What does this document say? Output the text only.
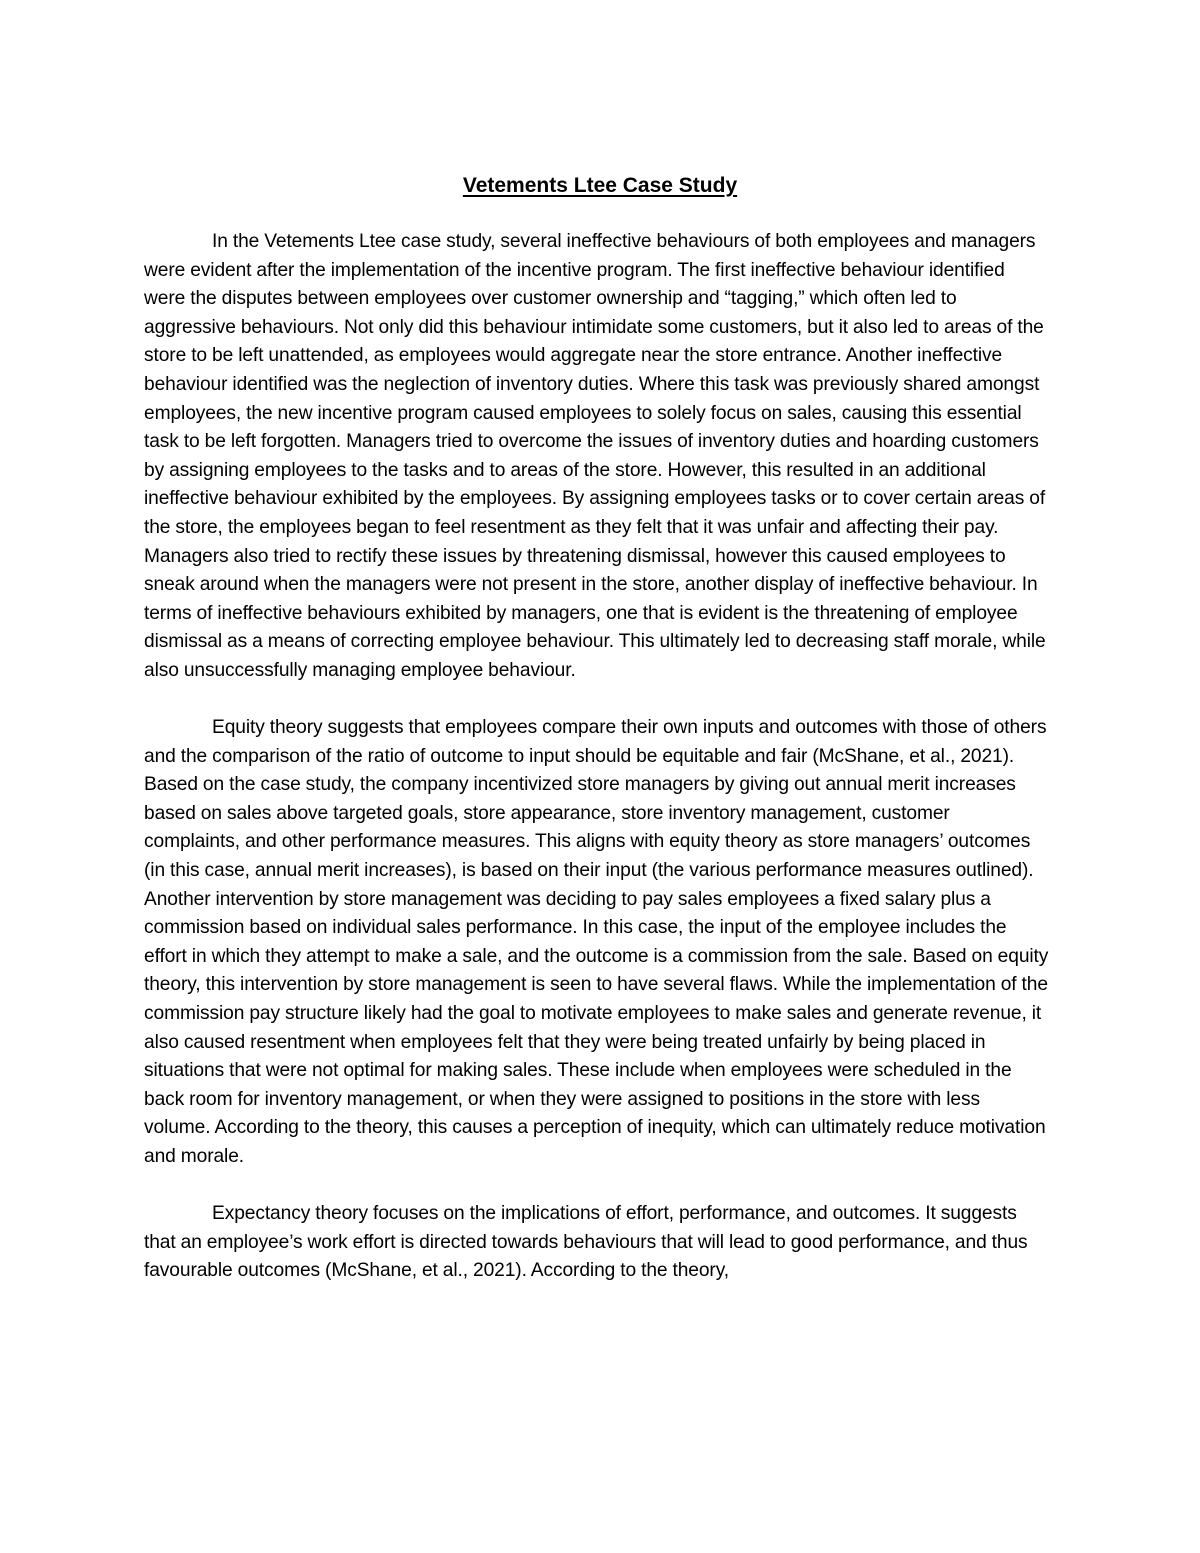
Vetements Ltee Case Study

In the Vetements Ltee case study, several ineffective behaviours of both employees and managers were evident after the implementation of the incentive program. The first ineffective behaviour identified were the disputes between employees over customer ownership and “tagging,” which often led to aggressive behaviours. Not only did this behaviour intimidate some customers, but it also led to areas of the store to be left unattended, as employees would aggregate near the store entrance. Another ineffective behaviour identified was the neglection of inventory duties. Where this task was previously shared amongst employees, the new incentive program caused employees to solely focus on sales, causing this essential task to be left forgotten. Managers tried to overcome the issues of inventory duties and hoarding customers by assigning employees to the tasks and to areas of the store. However, this resulted in an additional ineffective behaviour exhibited by the employees. By assigning employees tasks or to cover certain areas of the store, the employees began to feel resentment as they felt that it was unfair and affecting their pay. Managers also tried to rectify these issues by threatening dismissal, however this caused employees to sneak around when the managers were not present in the store, another display of ineffective behaviour. In terms of ineffective behaviours exhibited by managers, one that is evident is the threatening of employee dismissal as a means of correcting employee behaviour. This ultimately led to decreasing staff morale, while also unsuccessfully managing employee behaviour.

Equity theory suggests that employees compare their own inputs and outcomes with those of others and the comparison of the ratio of outcome to input should be equitable and fair (McShane, et al., 2021). Based on the case study, the company incentivized store managers by giving out annual merit increases based on sales above targeted goals, store appearance, store inventory management, customer complaints, and other performance measures. This aligns with equity theory as store managers’ outcomes (in this case, annual merit increases), is based on their input (the various performance measures outlined). Another intervention by store management was deciding to pay sales employees a fixed salary plus a commission based on individual sales performance. In this case, the input of the employee includes the effort in which they attempt to make a sale, and the outcome is a commission from the sale. Based on equity theory, this intervention by store management is seen to have several flaws. While the implementation of the commission pay structure likely had the goal to motivate employees to make sales and generate revenue, it also caused resentment when employees felt that they were being treated unfairly by being placed in situations that were not optimal for making sales. These include when employees were scheduled in the back room for inventory management, or when they were assigned to positions in the store with less volume. According to the theory, this causes a perception of inequity, which can ultimately reduce motivation and morale.

Expectancy theory focuses on the implications of effort, performance, and outcomes. It suggests that an employee’s work effort is directed towards behaviours that will lead to good performance, and thus favourable outcomes (McShane, et al., 2021). According to the theory,
